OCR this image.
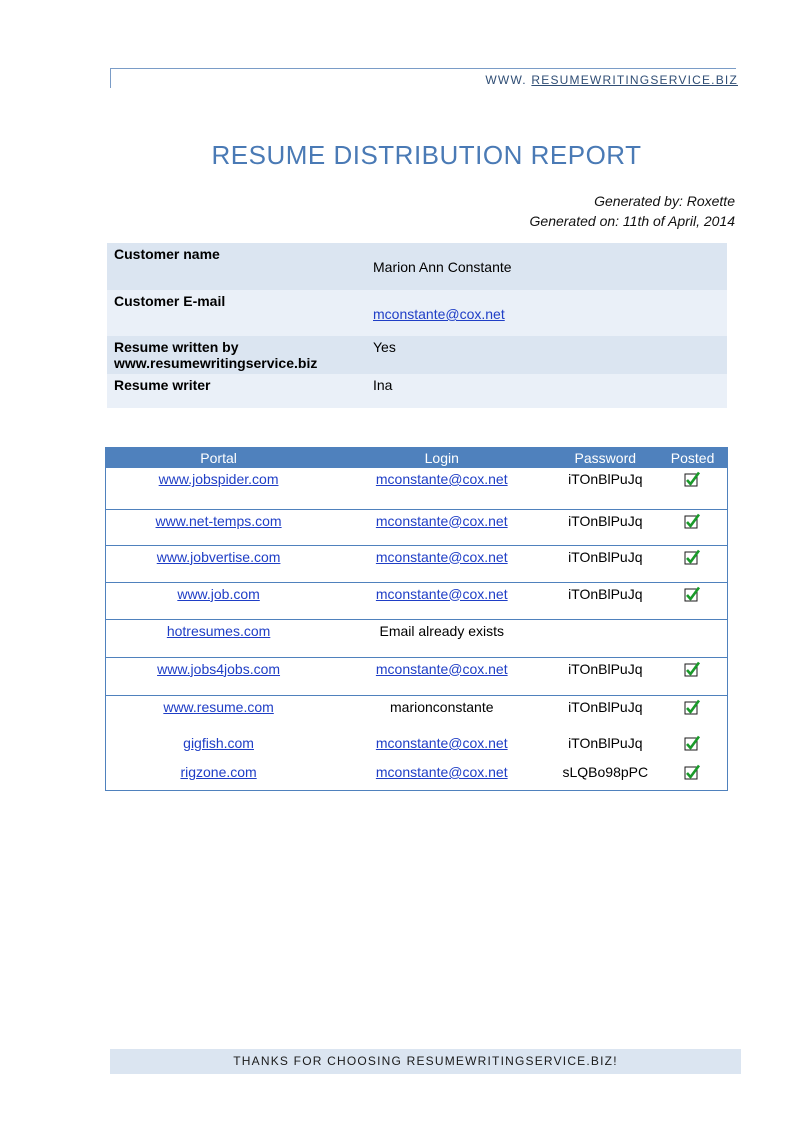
WWW. RESUMEWRITINGSERVICE.BIZ
RESUME DISTRIBUTION REPORT
Generated by: Roxette
Generated on: 11th of April, 2014
Customer name	Marion Ann Constante
Customer E-mail	mconstante@cox.net
Resume written by
www.resumewritingservice.biz	Yes
Resume writer	Ina
Portal	Login	Password	Posted
www.jobspider.com	mconstante@cox.net	iTOnBlPuJq	
www.net-temps.com	mconstante@cox.net	iTOnBlPuJq	
www.jobvertise.com	mconstante@cox.net	iTOnBlPuJq	
www.job.com	mconstante@cox.net	iTOnBlPuJq	
hotresumes.com	Email already exists		
www.jobs4jobs.com	mconstante@cox.net	iTOnBlPuJq	
www.resume.com	marionconstante	iTOnBlPuJq	
gigfish.com	mconstante@cox.net	iTOnBlPuJq	
rigzone.com	mconstante@cox.net	sLQBo98pPC	
THANKS FOR CHOOSING RESUMEWRITINGSERVICE.BIZ!
